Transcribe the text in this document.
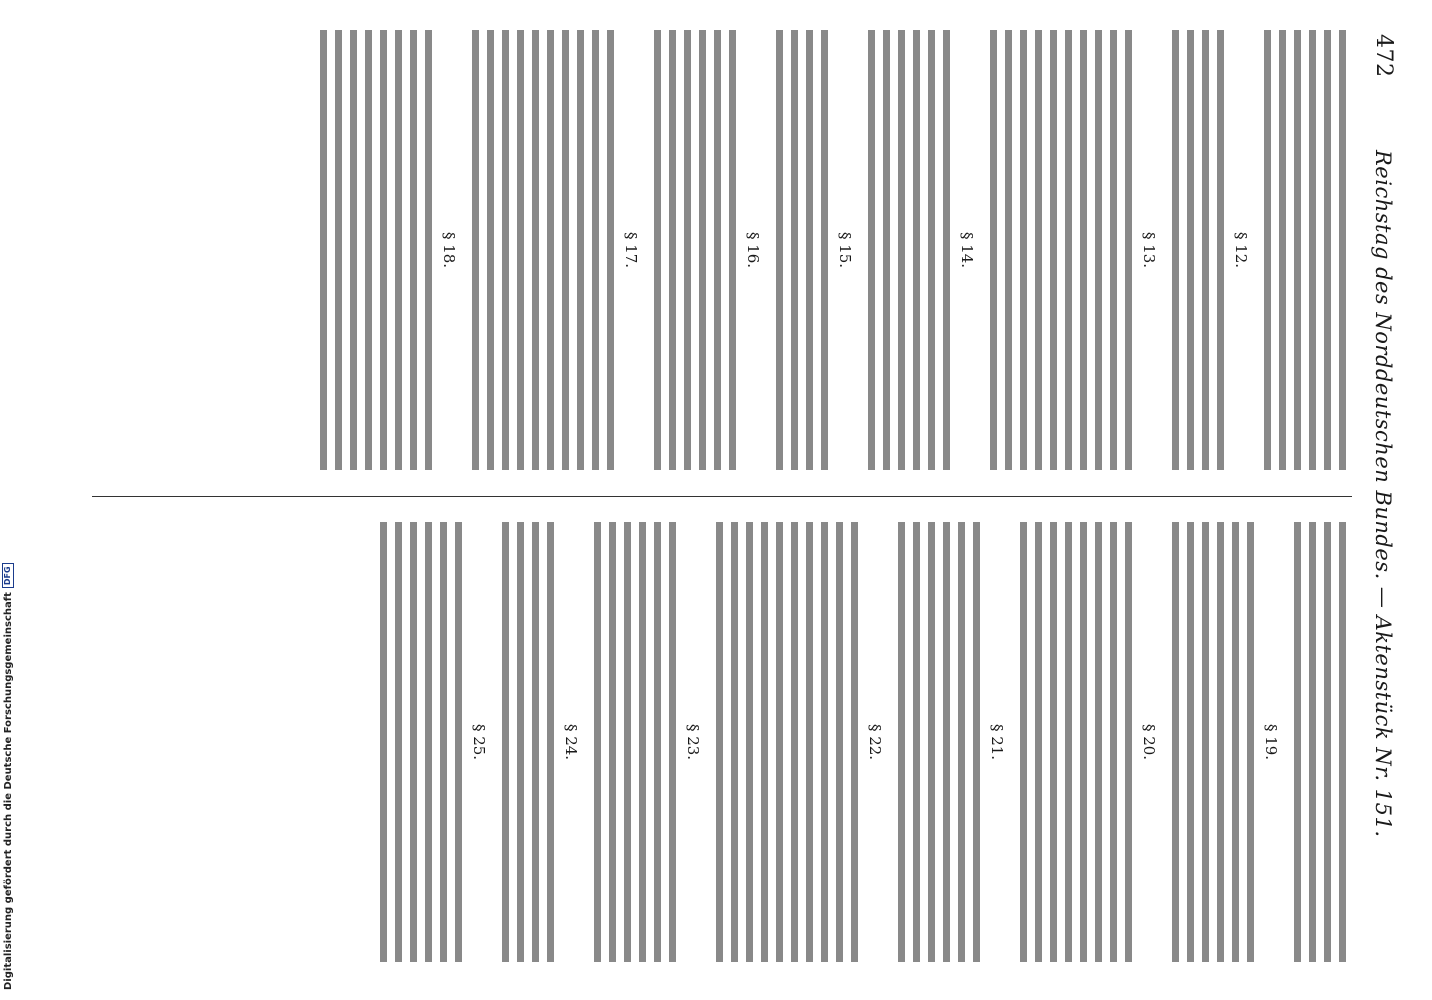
Digitalisierung gefördert durch die Deutsche Forschungsgemeinschaft
DFG
472
Reichstag des Norddeutschen Bundes. — Aktenstück Nr. 151.
§ 12.
§ 13.
§ 14.
§ 15.
§ 16.
§ 17.
§ 18.
§ 19.
§ 20.
§ 21.
§ 22.
§ 23.
§ 24.
§ 25.
